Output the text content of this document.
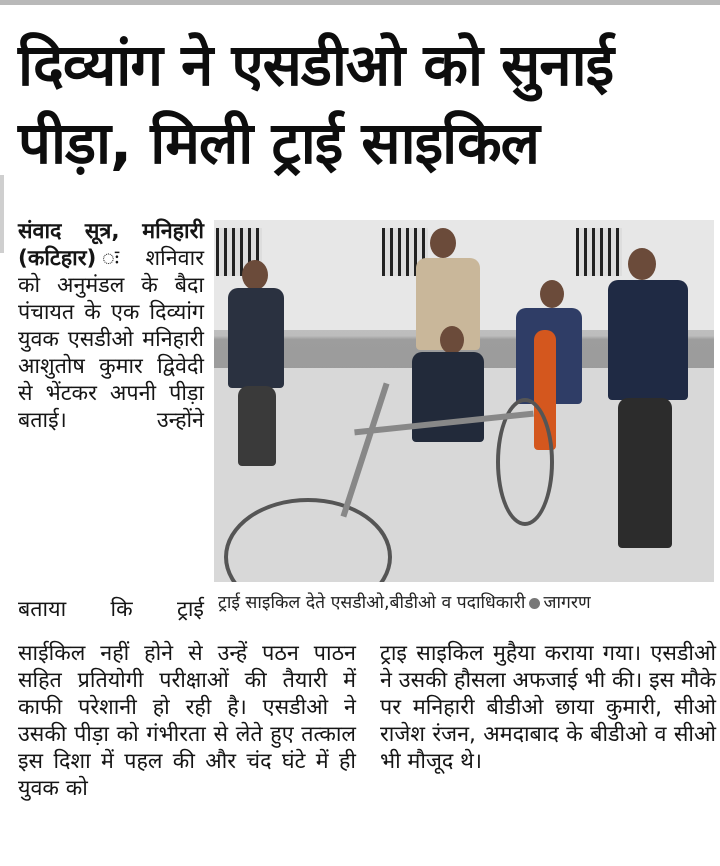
दिव्यांग ने एसडीओ को सुनाई
पीड़ा, मिली ट्राई साइकिल
संवाद सूत्र, मनिहारी (कटिहार) ः शनिवार को अनुमंडल के बैदा पंचायत के एक दिव्यांग युवक एसडीओ मनिहारी आशुतोष कुमार द्विवेदी से भेंटकर अपनी पीड़ा बताई। उन्होंने
ट्राई साइकिल देते एसडीओ,बीडीओ व पदाधिकारी जागरण

बताया कि ट्राई

साईकिल नहीं होने से उन्हें पठन पाठन सहित प्रतियोगी परीक्षाओं की तैयारी में काफी परेशानी हो रही है। एसडीओ ने उसकी पीड़ा को गंभीरता से लेते हुए तत्काल इस दिशा में पहल की और चंद घंटे में ही युवक को

ट्राइ साइकिल मुहैया कराया गया। एसडीओ ने उसकी हौसला अफजाई भी की। इस मौके पर मनिहारी बीडीओ छाया कुमारी, सीओ राजेश रंजन, अमदाबाद के बीडीओ व सीओ भी मौजूद थे।
